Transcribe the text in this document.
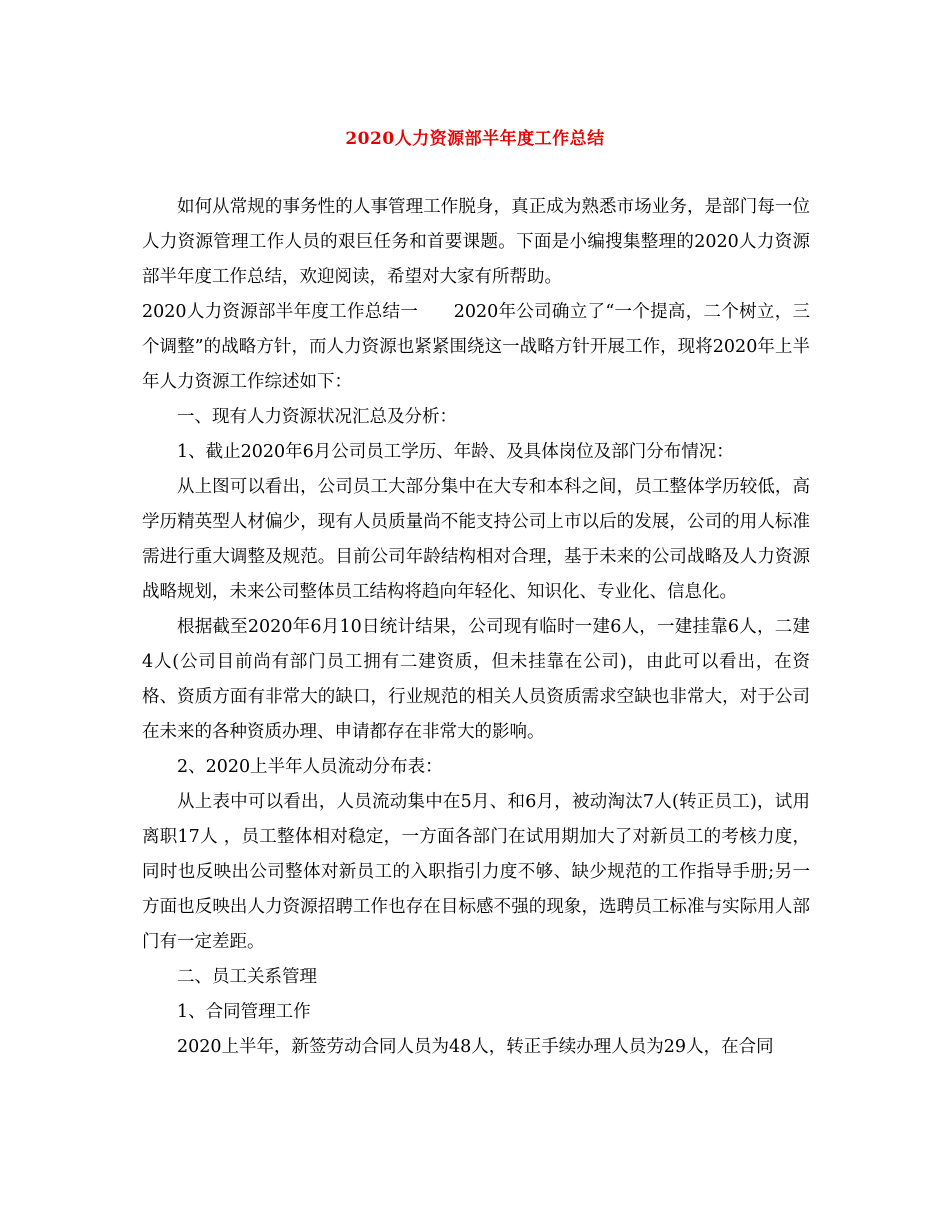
2020人力资源部半年度工作总结

如何从常规的事务性的人事管理工作脱身，真正成为熟悉市场业务，是部门每一位人力资源管理工作人员的艰巨任务和首要课题。下面是小编搜集整理的2020人力资源部半年度工作总结，欢迎阅读，希望对大家有所帮助。

2020人力资源部半年度工作总结一　　2020年公司确立了“一个提高，二个树立，三个调整”的战略方针，而人力资源也紧紧围绕这一战略方针开展工作，现将2020年上半年人力资源工作综述如下：

一、现有人力资源状况汇总及分析：

1、截止2020年6月公司员工学历、年龄、及具体岗位及部门分布情况：

从上图可以看出，公司员工大部分集中在大专和本科之间，员工整体学历较低，高学历精英型人材偏少，现有人员质量尚不能支持公司上市以后的发展，公司的用人标准需进行重大调整及规范。目前公司年龄结构相对合理，基于未来的公司战略及人力资源战略规划，未来公司整体员工结构将趋向年轻化、知识化、专业化、信息化。

根据截至2020年6月10日统计结果，公司现有临时一建6人，一建挂靠6人，二建4人(公司目前尚有部门员工拥有二建资质，但未挂靠在公司)，由此可以看出，在资格、资质方面有非常大的缺口，行业规范的相关人员资质需求空缺也非常大，对于公司在未来的各种资质办理、申请都存在非常大的影响。

2、2020上半年人员流动分布表：

从上表中可以看出，人员流动集中在5月、和6月，被动淘汰7人(转正员工)，试用离职17人 ，员工整体相对稳定，一方面各部门在试用期加大了对新员工的考核力度，同时也反映出公司整体对新员工的入职指引力度不够、缺少规范的工作指导手册;另一方面也反映出人力资源招聘工作也存在目标感不强的现象，选聘员工标准与实际用人部门有一定差距。

二、员工关系管理

1、合同管理工作

2020上半年，新签劳动合同人员为48人，转正手续办理人员为29人，在合同
